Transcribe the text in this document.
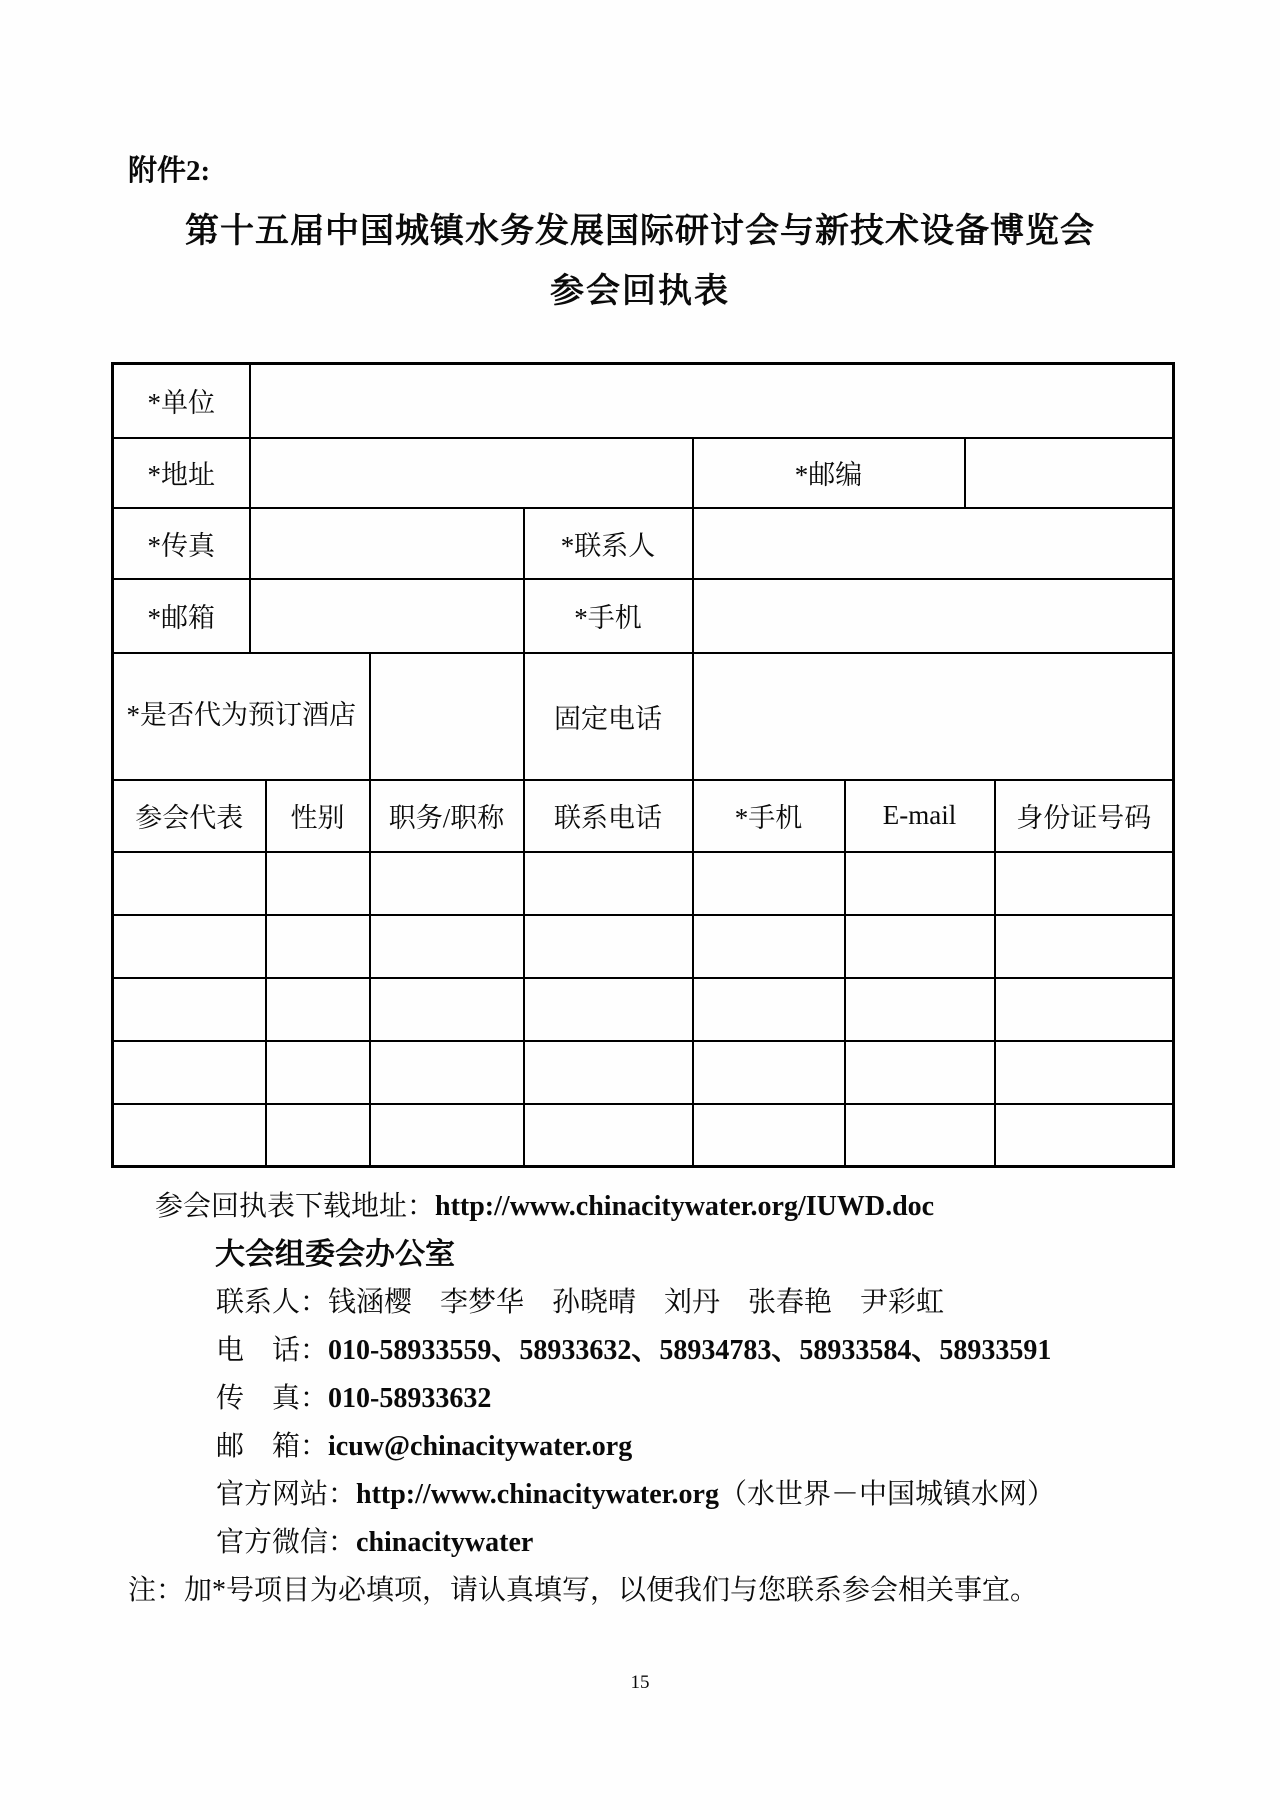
附件2:
第十五届中国城镇水务发展国际研讨会与新技术设备博览会
参会回执表
*单位								
*地址					*邮编			
*传真				*联系人				
*邮箱				*手机				
*是否代为预订酒店				固定电话				
参会代表		性别	职务/职称	联系电话	*手机	E-mail		身份证号码

参会回执表下载地址：http://www.chinacitywater.org/IUWD.doc
大会组委会办公室
联系人：钱涵樱　李梦华　孙晓晴　刘丹　张春艳　尹彩虹
电　话：010-58933559、58933632、58934783、58933584、58933591
传　真：010-58933632
邮　箱：icuw@chinacitywater.org
官方网站：http://www.chinacitywater.org（水世界－中国城镇水网）
官方微信：chinacitywater
注：加*号项目为必填项，请认真填写，以便我们与您联系参会相关事宜。
15
